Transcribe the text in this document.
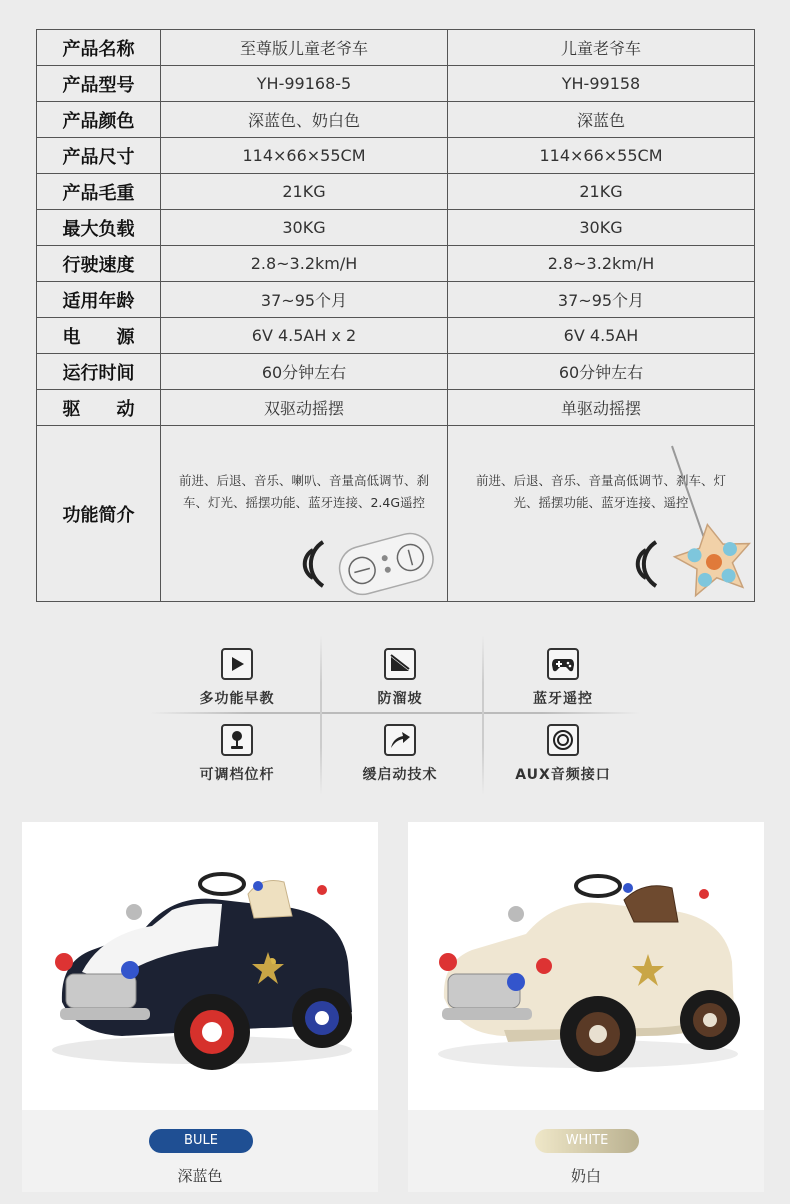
产品名称	至尊版儿童老爷车	儿童老爷车
产品型号	YH-99168-5	YH-99158
产品颜色	深蓝色、奶白色	深蓝色
产品尺寸	114×66×55CM	114×66×55CM
产品毛重	21KG	21KG
最大负载	30KG	30KG
行驶速度	2.8~3.2km/H	2.8~3.2km/H
适用年龄	37~95个月	37~95个月
电　　源	6V 4.5AH x 2	6V 4.5AH
运行时间	60分钟左右	60分钟左右
驱　　动	双驱动摇摆	单驱动摇摆
功能简介	前进、后退、音乐、喇叭、音量高低调节、刹车、灯光、摇摆功能、蓝牙连接、2.4G遥控	前进、后退、音乐、音量高低调节、刹车、灯光、摇摆功能、蓝牙连接、遥控
多功能早教	防溜坡	蓝牙遥控
可调档位杆	缓启动技术	AUX音频接口
BULE
深蓝色
WHITE
奶白
